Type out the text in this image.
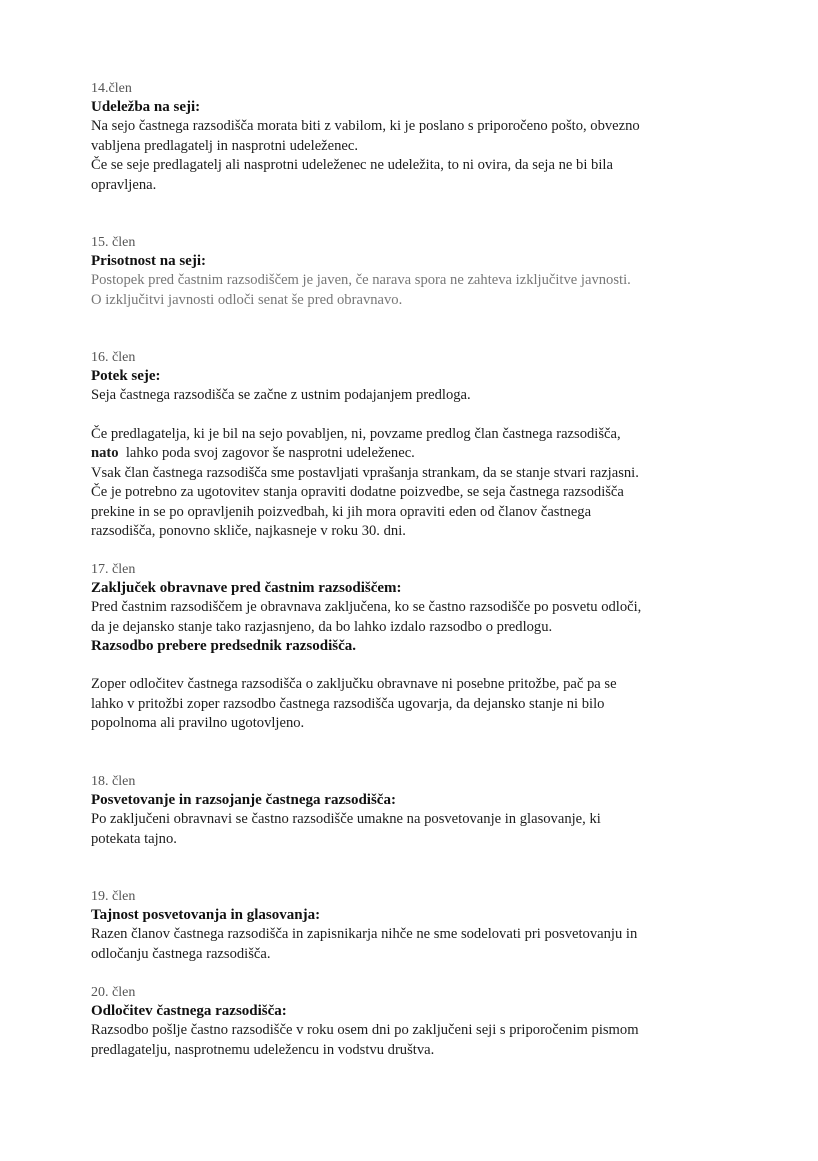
14.člen
Udeležba na seji:
Na sejo častnega razsodišča morata biti z vabilom, ki je poslano s priporočeno pošto, obvezno
vabljena predlagatelj in nasprotni udeleženec.
Če se seje predlagatelj ali nasprotni udeleženec ne udeležita, to ni ovira, da seja ne bi bila
opravljena.
15. člen
Prisotnost na seji:
Postopek pred častnim razsodiščem je javen, če narava spora ne zahteva izključitve javnosti.
O izključitvi javnosti odloči senat še pred obravnavo.
16. člen
Potek seje:
Seja častnega razsodišča se začne z ustnim podajanjem predloga.
Če predlagatelja, ki je bil na sejo povabljen, ni, povzame predlog član častnega razsodišča,
nato lahko poda svoj zagovor še nasprotni udeleženec.
Vsak član častnega razsodišča sme postavljati vprašanja strankam, da se stanje stvari razjasni.
Če je potrebno za ugotovitev stanja opraviti dodatne poizvedbe, se seja častnega razsodišča
prekine in se po opravljenih poizvedbah, ki jih mora opraviti eden od članov častnega
razsodišča, ponovno skliče, najkasneje v roku 30. dni.
17. člen
Zaključek obravnave pred častnim razsodiščem:
Pred častnim razsodiščem je obravnava zaključena, ko se častno razsodišče po posvetu odloči,
da je dejansko stanje tako razjasnjeno, da bo lahko izdalo razsodbo o predlogu.
Razsodbo prebere predsednik razsodišča.
Zoper odločitev častnega razsodišča o zaključku obravnave ni posebne pritožbe, pač pa se
lahko v pritožbi zoper razsodbo častnega razsodišča ugovarja, da dejansko stanje ni bilo
popolnoma ali pravilno ugotovljeno.
18. člen
Posvetovanje in razsojanje častnega razsodišča:
Po zaključeni obravnavi se častno razsodišče umakne na posvetovanje in glasovanje, ki
potekata tajno.
19. člen
Tajnost posvetovanja in glasovanja:
Razen članov častnega razsodišča in zapisnikarja nihče ne sme sodelovati pri posvetovanju in
odločanju častnega razsodišča.
20. člen
Odločitev častnega razsodišča:
Razsodbo pošlje častno razsodišče v roku osem dni po zaključeni seji s priporočenim pismom
predlagatelju, nasprotnemu udeležencu in vodstvu društva.
